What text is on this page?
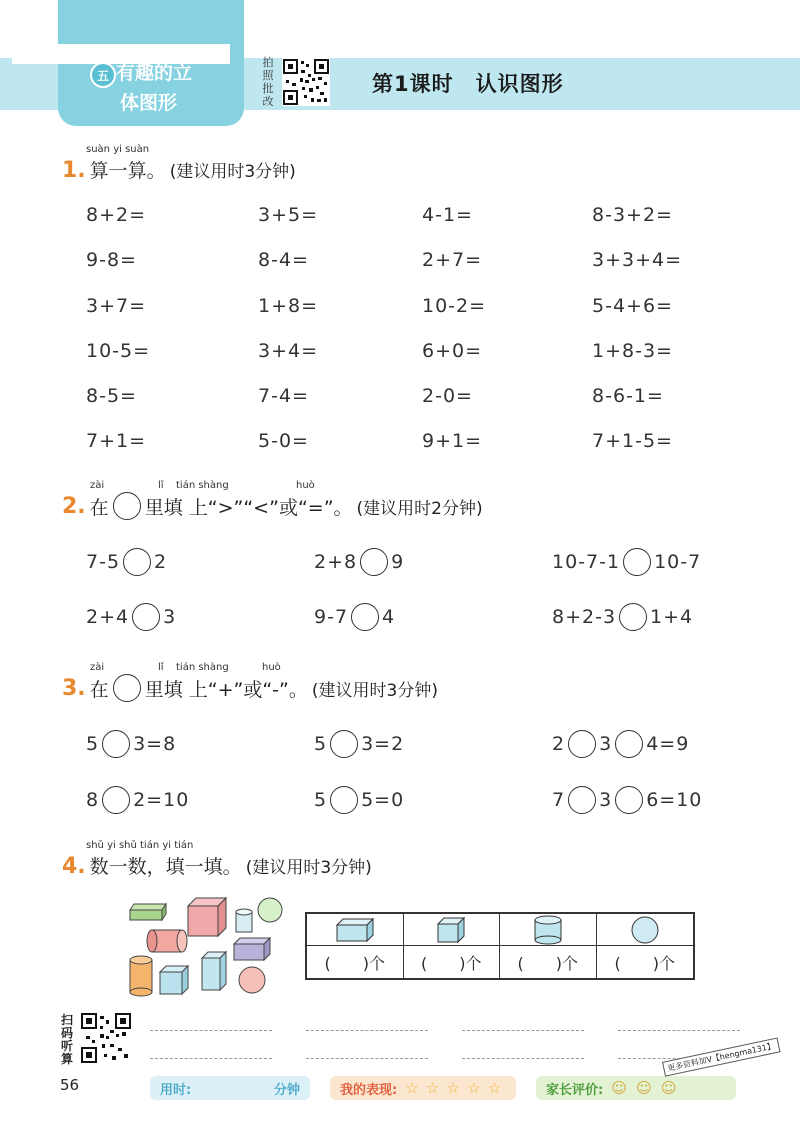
五 有趣的立
体图形
拍照批改
第1课时　认识图形
suàn yi suàn
1. 算一算。 (建议用时3分钟)
8+2=	3+5=	4-1=	8-3+2=
9-8=	8-4=	2+7=	3+3+4=
3+7=	1+8=	10-2=	5-4+6=
10-5=	3+4=	6+0=	1+8-3=
8-5=	7-4=	2-0=	8-6-1=
7+1=	5-0=	9+1=	7+1-5=
zài	lǐ tián shàng	huò
2. 在 里填 上“>”“<”或“=”。 (建议用时2分钟)
7-5 2	2+8 9	10-7-1 10-7
2+4 3	9-7 4	8+2-3 1+4
zài	lǐ tián shàng	huò
3. 在 里填 上“+”或“-”。 (建议用时3分钟)
5 3=8	5 3=2	2 3 4=9
8 2=10	5 5=0	7 3 6=10
shǔ yi shǔ tián yi tián
4. 数一数，填一填。 (建议用时3分钟)
(　　)个	(　　)个	(　　)个	(　　)个
扫码听算
56	用时:	分钟	我的表现: ☆ ☆ ☆ ☆ ☆	家长评价: ☺ ☺ ☺
更多资料加V【hengma131】
